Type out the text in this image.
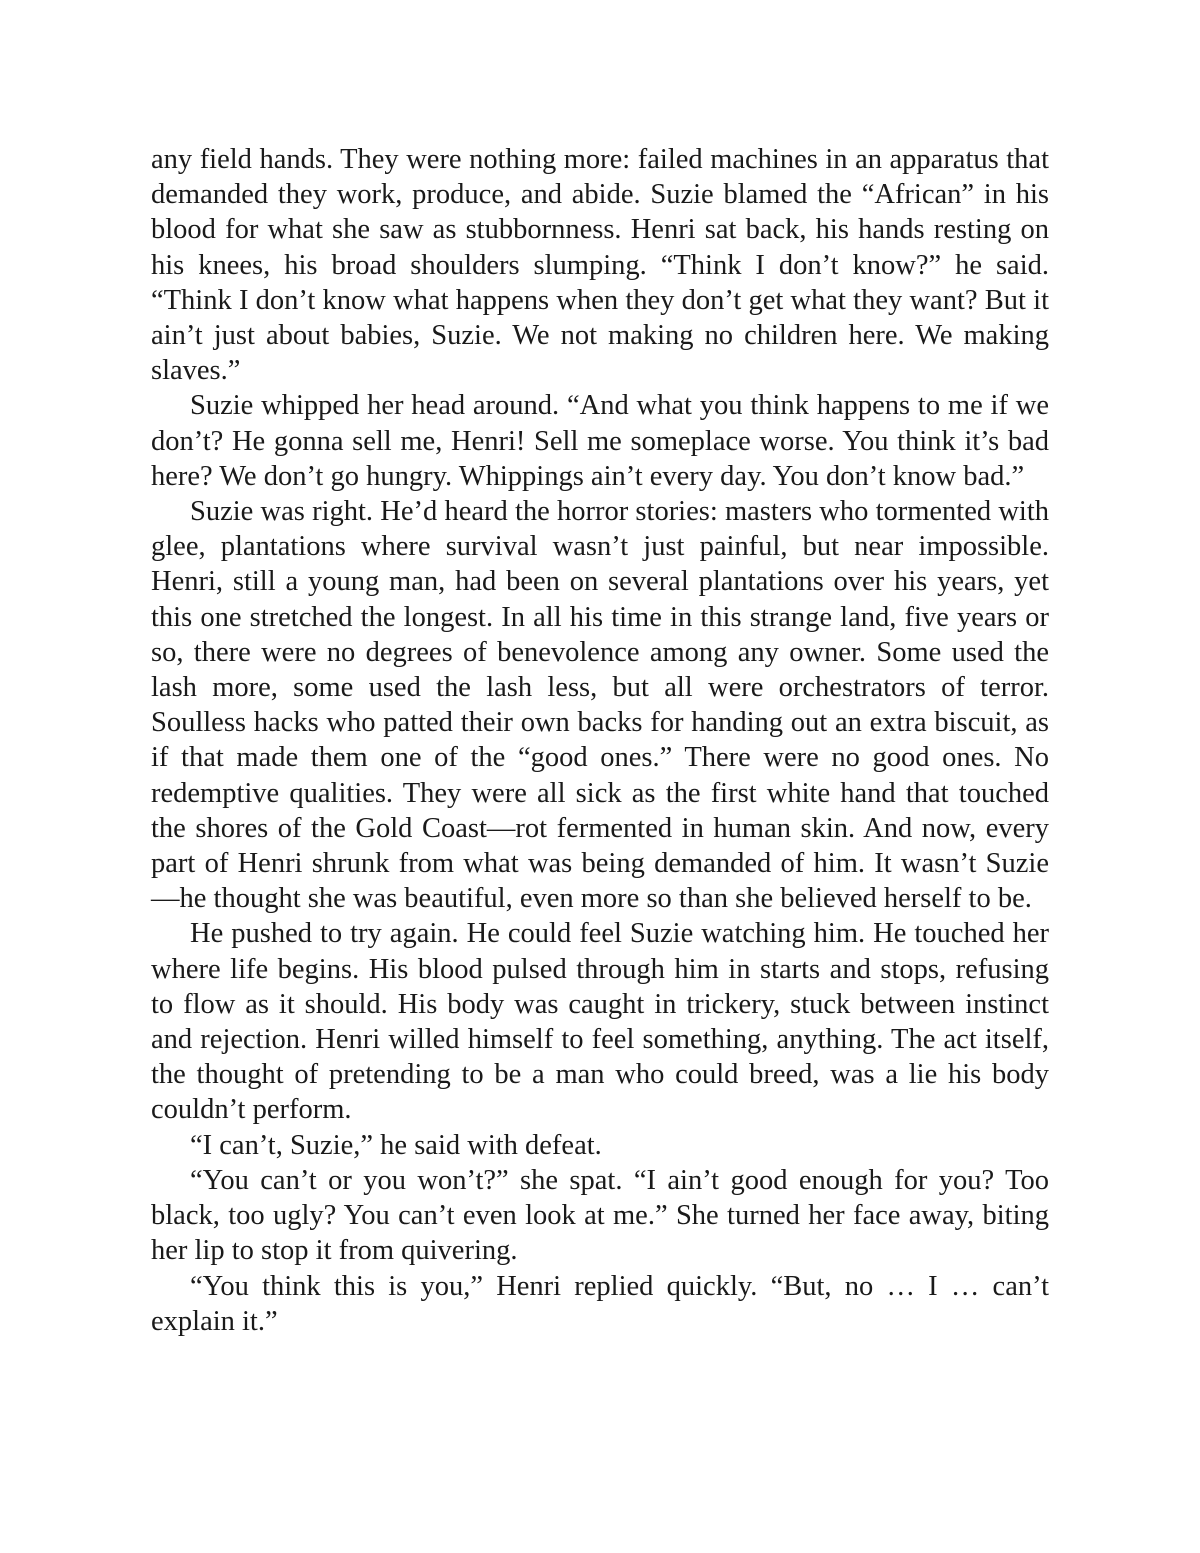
any field hands. They were nothing more: failed machines in an apparatus that demanded they work, produce, and abide. Suzie blamed the “African” in his blood for what she saw as stubbornness. Henri sat back, his hands resting on his knees, his broad shoulders slumping. “Think I don’t know?” he said. “Think I don’t know what happens when they don’t get what they want? But it ain’t just about babies, Suzie. We not making no children here. We making slaves.”

Suzie whipped her head around. “And what you think happens to me if we don’t? He gonna sell me, Henri! Sell me someplace worse. You think it’s bad here? We don’t go hungry. Whippings ain’t every day. You don’t know bad.”

Suzie was right. He’d heard the horror stories: masters who tormented with glee, plantations where survival wasn’t just painful, but near impossible. Henri, still a young man, had been on several plantations over his years, yet this one stretched the longest. In all his time in this strange land, five years or so, there were no degrees of benevolence among any owner. Some used the lash more, some used the lash less, but all were orchestrators of terror. Soulless hacks who patted their own backs for handing out an extra biscuit, as if that made them one of the “good ones.” There were no good ones. No redemptive qualities. They were all sick as the first white hand that touched the shores of the Gold Coast—rot fermented in human skin. And now, every part of Henri shrunk from what was being demanded of him. It wasn’t Suzie—he thought she was beautiful, even more so than she believed herself to be.

He pushed to try again. He could feel Suzie watching him. He touched her where life begins. His blood pulsed through him in starts and stops, refusing to flow as it should. His body was caught in trickery, stuck between instinct and rejection. Henri willed himself to feel something, anything. The act itself, the thought of pretending to be a man who could breed, was a lie his body couldn’t perform.

“I can’t, Suzie,” he said with defeat.

“You can’t or you won’t?” she spat. “I ain’t good enough for you? Too black, too ugly? You can’t even look at me.” She turned her face away, biting her lip to stop it from quivering.

“You think this is you,” Henri replied quickly. “But, no … I … can’t explain it.”
